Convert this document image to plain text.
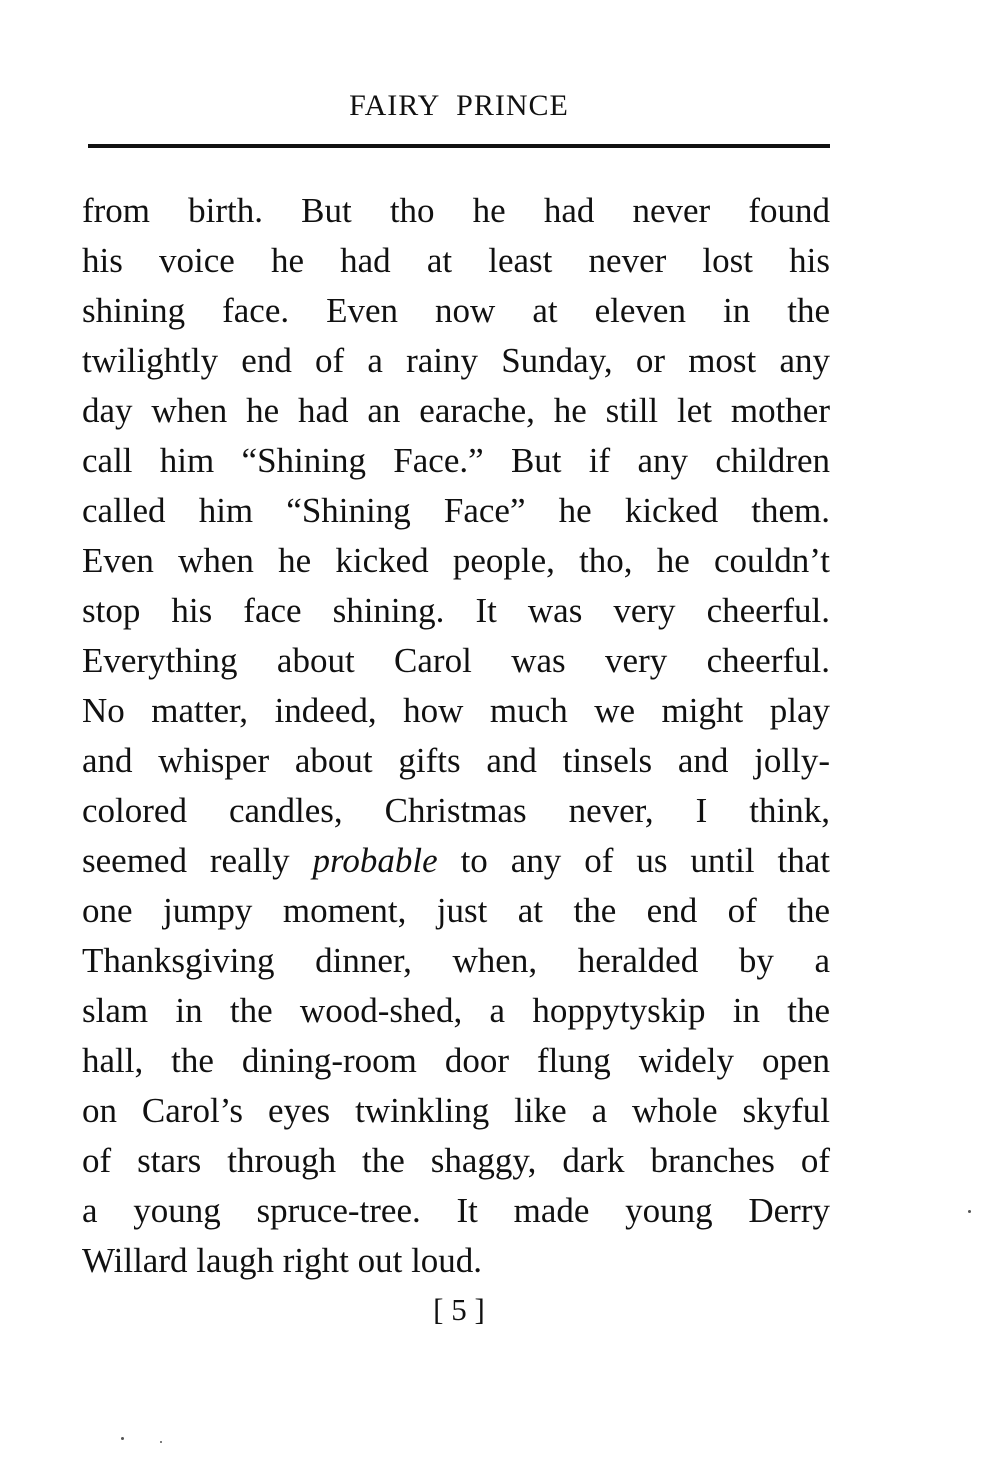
FAIRY  PRINCE
from birth. But tho he had never found
his voice he had at least never lost his
shining face. Even now at eleven in the
twilightly end of a rainy Sunday, or most any
day when he had an earache, he still let mother
call him “Shining Face.” But if any children
called him “Shining Face” he kicked them.
Even when he kicked people, tho, he couldn’t
stop his face shining. It was very cheerful.
Everything about Carol was very cheerful.
No matter, indeed, how much we might play
and whisper about gifts and tinsels and jolly-
colored candles, Christmas never, I think,
seemed really probable to any of us until that
one jumpy moment, just at the end of the
Thanksgiving dinner, when, heralded by a
slam in the wood-shed, a hoppytyskip in the
hall, the dining-room door flung widely open
on Carol’s eyes twinkling like a whole skyful
of stars through the shaggy, dark branches of
a young spruce-tree. It made young Derry
Willard laugh right out loud.
[ 5 ]
